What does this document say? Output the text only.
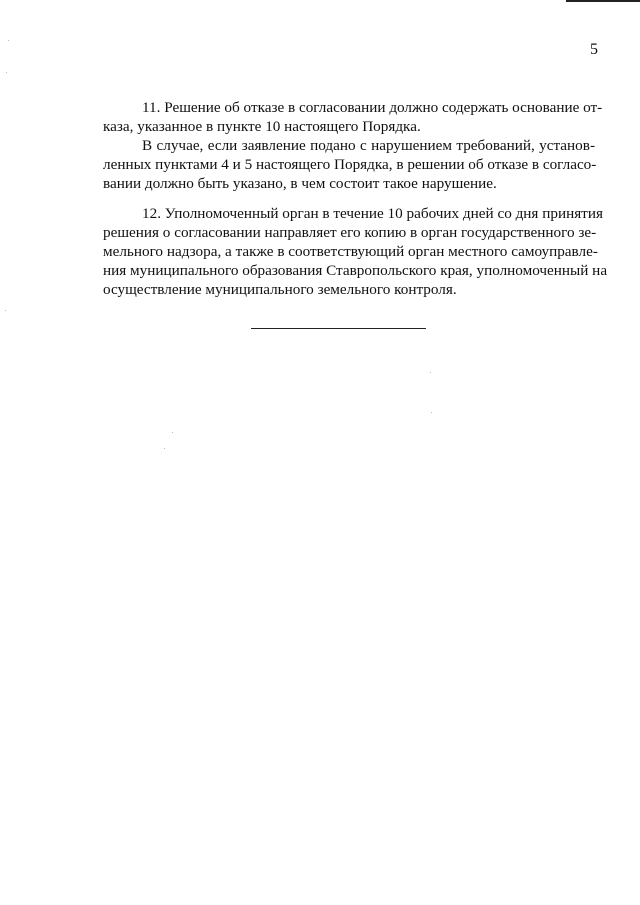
5
11. Решение об отказе в согласовании должно содержать основание от-
каза, указанное в пункте 10 настоящего Порядка.
В случае, если заявление подано с нарушением требований, установ-
ленных пунктами 4 и 5 настоящего Порядка, в решении об отказе в согласо-
вании должно быть указано, в чем состоит такое нарушение.
12. Уполномоченный орган в течение 10 рабочих дней со дня принятия
решения о согласовании направляет его копию в орган государственного зе-
мельного надзора, а также в соответствующий орган местного самоуправле-
ния муниципального образования Ставропольского края, уполномоченный на
осуществление муниципального земельного контроля.
